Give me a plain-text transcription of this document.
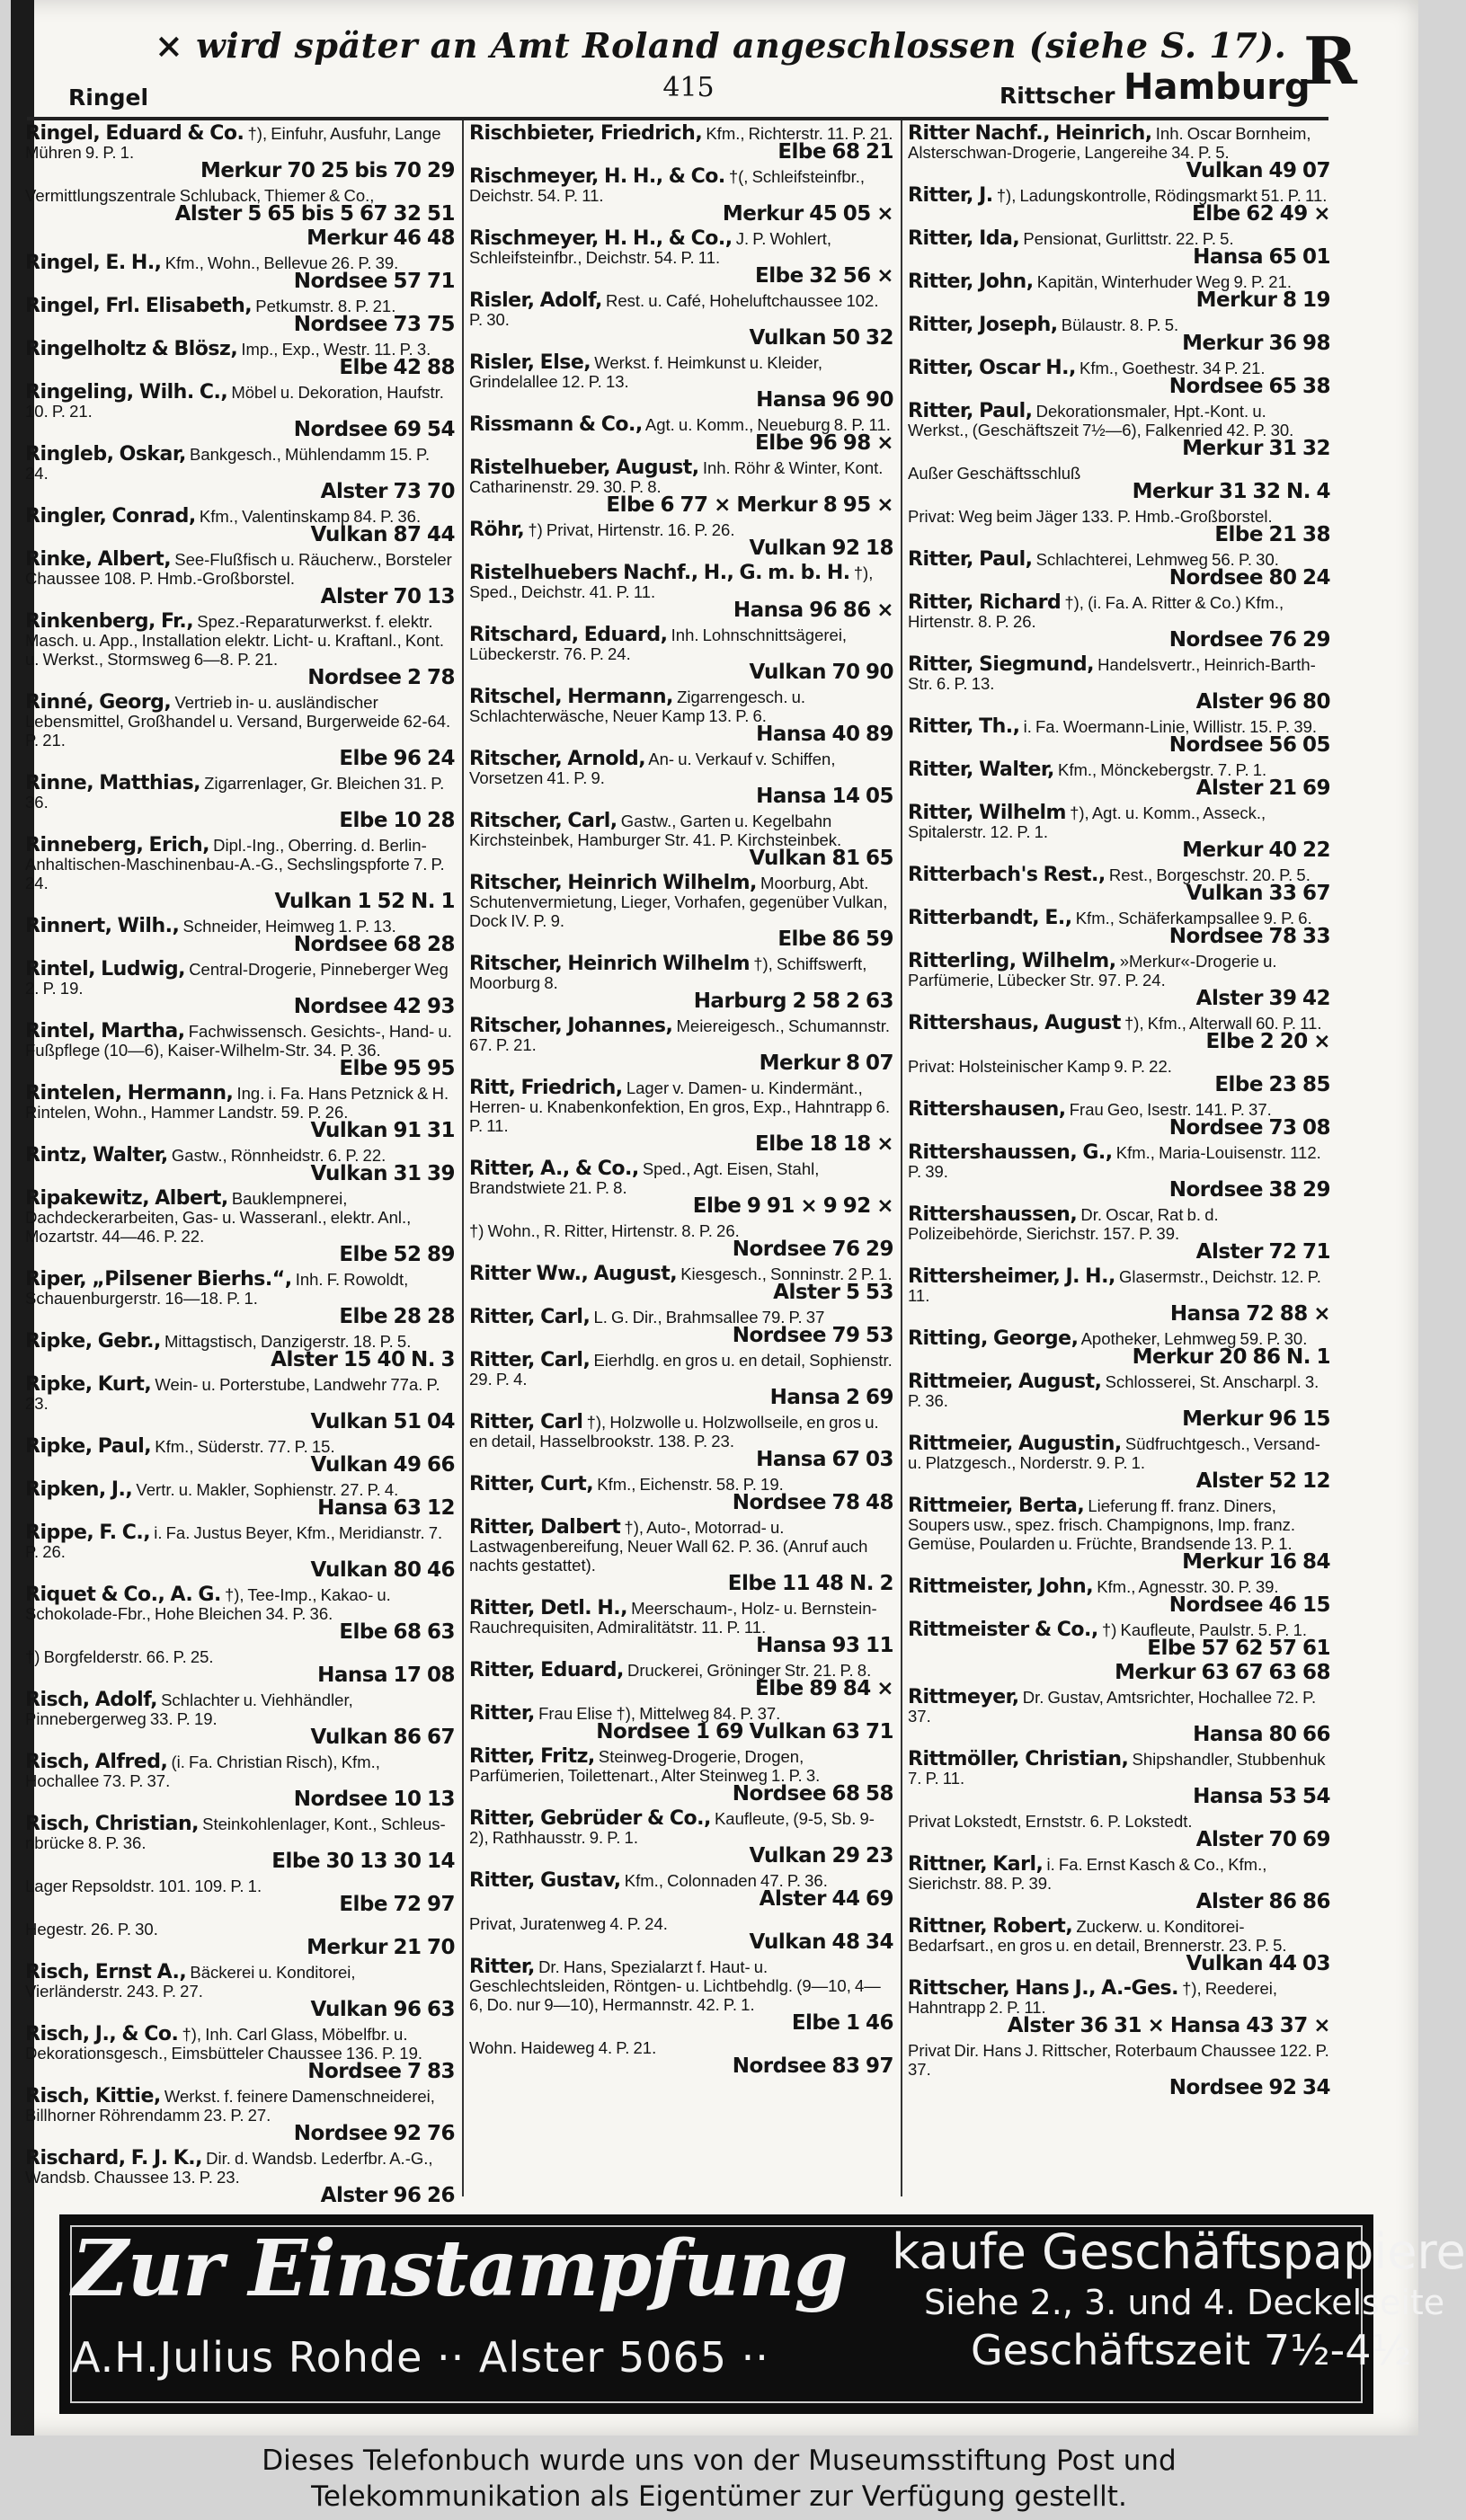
× wird später an Amt Roland angeschlossen (siehe S. 17).
Ringel	415	Rittscher Hamburg
R
Ringel, Eduard & Co. †), Einfuhr, Ausfuhr, Lange Mühren 9. P. 1.
Merkur 70 25 bis 70 29
Vermittlungszentrale Schluback, Thiemer & Co.,
Alster 5 65 bis 5 67 32 51
Merkur 46 48
Ringel, E. H., Kfm., Wohn., Bellevue 26. P. 39.
Nordsee 57 71
Ringel, Frl. Elisabeth, Petkumstr. 8. P. 21.
Nordsee 73 75
Ringelholtz & Blösz, Imp., Exp., Westr. 11. P. 3.
Elbe 42 88
Ringeling, Wilh. C., Möbel u. Dekoration, Haufstr. 10. P. 21.
Nordsee 69 54
Ringleb, Oskar, Bankgesch., Mühlendamm 15. P. 24.
Alster 73 70
Ringler, Conrad, Kfm., Valentinskamp 84. P. 36.
Vulkan 87 44
Rinke, Albert, See-Flußfisch u. Räucherw., Borsteler Chaussee 108. P. Hmb.-Großborstel.
Alster 70 13
Rinkenberg, Fr., Spez.-Reparaturwerkst. f. elektr. Masch. u. App., Installation elektr. Licht- u. Kraftanl., Kont. u. Werkst., Stormsweg 6—8. P. 21.
Nordsee 2 78
Rinné, Georg, Vertrieb in- u. ausländischer Lebensmittel, Großhandel u. Versand, Burgerweide 62-64. P. 21.
Elbe 96 24
Rinne, Matthias, Zigarrenlager, Gr. Bleichen 31. P. 36.
Elbe 10 28
Rinneberg, Erich, Dipl.-Ing., Oberring. d. Berlin-Anhaltischen-Maschinenbau-A.-G., Sechslingspforte 7. P. 24.
Vulkan 1 52 N. 1
Rinnert, Wilh., Schneider, Heimweg 1. P. 13.
Nordsee 68 28
Rintel, Ludwig, Central-Drogerie, Pinneberger Weg 2. P. 19.
Nordsee 42 93
Rintel, Martha, Fachwissensch. Gesichts-, Hand- u. Fußpflege (10—6), Kaiser-Wilhelm-Str. 34. P. 36.
Elbe 95 95
Rintelen, Hermann, Ing. i. Fa. Hans Petznick & H. Rintelen, Wohn., Hammer Landstr. 59. P. 26.
Vulkan 91 31
Rintz, Walter, Gastw., Rönnheidstr. 6. P. 22.
Vulkan 31 39
Ripakewitz, Albert, Bauklempnerei, Dachdeckerarbeiten, Gas- u. Wasseranl., elektr. Anl., Mozartstr. 44—46. P. 22.
Elbe 52 89
Riper, „Pilsener Bierhs.“, Inh. F. Rowoldt, Schauenburgerstr. 16—18. P. 1.
Elbe 28 28
Ripke, Gebr., Mittagstisch, Danzigerstr. 18. P. 5.
Alster 15 40 N. 3
Ripke, Kurt, Wein- u. Porterstube, Landwehr 77a. P. 23.
Vulkan 51 04
Ripke, Paul, Kfm., Süderstr. 77. P. 15.
Vulkan 49 66
Ripken, J., Vertr. u. Makler, Sophienstr. 27. P. 4.
Hansa 63 12
Rippe, F. C., i. Fa. Justus Beyer, Kfm., Meridianstr. 7. P. 26.
Vulkan 80 46
Riquet & Co., A. G. †), Tee-Imp., Kakao- u. Schokolade-Fbr., Hohe Bleichen 34. P. 36.
Elbe 68 63
†) Borgfelderstr. 66. P. 25.
Hansa 17 08
Risch, Adolf, Schlachter u. Viehhändler, Pinnebergerweg 33. P. 19.
Vulkan 86 67
Risch, Alfred, (i. Fa. Christian Risch), Kfm., Hochallee 73. P. 37.
Nordsee 10 13
Risch, Christian, Steinkohlenlager, Kont., Schleus-nbrücke 8. P. 36.
Elbe 30 13 30 14
Lager Repsoldstr. 101. 109. P. 1.
Elbe 72 97
Hegestr. 26. P. 30.
Merkur 21 70
Risch, Ernst A., Bäckerei u. Konditorei, Vierländerstr. 243. P. 27.
Vulkan 96 63
Risch, J., & Co. †), Inh. Carl Glass, Möbelfbr. u. Dekorationsgesch., Eimsbütteler Chaussee 136. P. 19.
Nordsee 7 83
Risch, Kittie, Werkst. f. feinere Damenschneiderei, Billhorner Röhrendamm 23. P. 27.
Nordsee 92 76
Rischard, F. J. K., Dir. d. Wandsb. Lederfbr. A.-G., Wandsb. Chaussee 13. P. 23.
Alster 96 26
Rischbieter, Friedrich, Kfm., Richterstr. 11. P. 21.
Elbe 68 21
Rischmeyer, H. H., & Co. †(, Schleifsteinfbr., Deichstr. 54. P. 11.
Merkur 45 05 ×
Rischmeyer, H. H., & Co., J. P. Wohlert, Schleifsteinfbr., Deichstr. 54. P. 11.
Elbe 32 56 ×
Risler, Adolf, Rest. u. Café, Hoheluftchaussee 102. P. 30.
Vulkan 50 32
Risler, Else, Werkst. f. Heimkunst u. Kleider, Grindelallee 12. P. 13.
Hansa 96 90
Rissmann & Co., Agt. u. Komm., Neueburg 8. P. 11.
Elbe 96 98 ×
Ristelhueber, August, Inh. Röhr & Winter, Kont. Catharinenstr. 29. 30. P. 8.
Elbe 6 77 × Merkur 8 95 ×
Röhr, †) Privat, Hirtenstr. 16. P. 26.
Vulkan 92 18
Ristelhuebers Nachf., H., G. m. b. H. †), Sped., Deichstr. 41. P. 11.
Hansa 96 86 ×
Ritschard, Eduard, Inh. Lohnschnittsägerei, Lübeckerstr. 76. P. 24.
Vulkan 70 90
Ritschel, Hermann, Zigarrengesch. u. Schlachterwäsche, Neuer Kamp 13. P. 6.
Hansa 40 89
Ritscher, Arnold, An- u. Verkauf v. Schiffen, Vorsetzen 41. P. 9.
Hansa 14 05
Ritscher, Carl, Gastw., Garten u. Kegelbahn Kirchsteinbek, Hamburger Str. 41. P. Kirchsteinbek.
Vulkan 81 65
Ritscher, Heinrich Wilhelm, Moorburg, Abt. Schutenvermietung, Lieger, Vorhafen, gegenüber Vulkan, Dock IV. P. 9.
Elbe 86 59
Ritscher, Heinrich Wilhelm †), Schiffswerft, Moorburg 8.
Harburg 2 58 2 63
Ritscher, Johannes, Meiereigesch., Schumannstr. 67. P. 21.
Merkur 8 07
Ritt, Friedrich, Lager v. Damen- u. Kindermänt., Herren- u. Knabenkonfektion, En gros, Exp., Hahntrapp 6. P. 11.
Elbe 18 18 ×
Ritter, A., & Co., Sped., Agt. Eisen, Stahl, Brandstwiete 21. P. 8.
Elbe 9 91 × 9 92 ×
†) Wohn., R. Ritter, Hirtenstr. 8. P. 26.
Nordsee 76 29
Ritter Ww., August, Kiesgesch., Sonninstr. 2 P. 1.
Alster 5 53
Ritter, Carl, L. G. Dir., Brahmsallee 79. P. 37
Nordsee 79 53
Ritter, Carl, Eierhdlg. en gros u. en detail, Sophienstr. 29. P. 4.
Hansa 2 69
Ritter, Carl †), Holzwolle u. Holzwollseile, en gros u. en detail, Hasselbrookstr. 138. P. 23.
Hansa 67 03
Ritter, Curt, Kfm., Eichenstr. 58. P. 19.
Nordsee 78 48
Ritter, Dalbert †), Auto-, Motorrad- u. Lastwagenbereifung, Neuer Wall 62. P. 36. (Anruf auch nachts gestattet).
Elbe 11 48 N. 2
Ritter, Detl. H., Meerschaum-, Holz- u. Bernstein-Rauchrequisiten, Admiralitätstr. 11. P. 11.
Hansa 93 11
Ritter, Eduard, Druckerei, Gröninger Str. 21. P. 8.
Elbe 89 84 ×
Ritter, Frau Elise †), Mittelweg 84. P. 37.
Nordsee 1 69 Vulkan 63 71
Ritter, Fritz, Steinweg-Drogerie, Drogen, Parfümerien, Toilettenart., Alter Steinweg 1. P. 3.
Nordsee 68 58
Ritter, Gebrüder & Co., Kaufleute, (9-5, Sb. 9-2), Rathhausstr. 9. P. 1.
Vulkan 29 23
Ritter, Gustav, Kfm., Colonnaden 47. P. 36.
Alster 44 69
Privat, Juratenweg 4. P. 24.
Vulkan 48 34
Ritter, Dr. Hans, Spezialarzt f. Haut- u. Geschlechtsleiden, Röntgen- u. Lichtbehdlg. (9—10, 4—6, Do. nur 9—10), Hermannstr. 42. P. 1.
Elbe 1 46
Wohn. Haideweg 4. P. 21.
Nordsee 83 97
Ritter Nachf., Heinrich, Inh. Oscar Bornheim, Alsterschwan-Drogerie, Langereihe 34. P. 5.
Vulkan 49 07
Ritter, J. †), Ladungskontrolle, Rödingsmarkt 51. P. 11.
Elbe 62 49 ×
Ritter, Ida, Pensionat, Gurlittstr. 22. P. 5.
Hansa 65 01
Ritter, John, Kapitän, Winterhuder Weg 9. P. 21.
Merkur 8 19
Ritter, Joseph, Bülaustr. 8. P. 5.
Merkur 36 98
Ritter, Oscar H., Kfm., Goethestr. 34 P. 21.
Nordsee 65 38
Ritter, Paul, Dekorationsmaler, Hpt.-Kont. u. Werkst., (Geschäftszeit 7½—6), Falkenried 42. P. 30.
Merkur 31 32
Außer Geschäftsschluß
Merkur 31 32 N. 4
Privat: Weg beim Jäger 133. P. Hmb.-Großborstel.
Elbe 21 38
Ritter, Paul, Schlachterei, Lehmweg 56. P. 30.
Nordsee 80 24
Ritter, Richard †), (i. Fa. A. Ritter & Co.) Kfm., Hirtenstr. 8. P. 26.
Nordsee 76 29
Ritter, Siegmund, Handelsvertr., Heinrich-Barth-Str. 6. P. 13.
Alster 96 80
Ritter, Th., i. Fa. Woermann-Linie, Willistr. 15. P. 39.
Nordsee 56 05
Ritter, Walter, Kfm., Mönckebergstr. 7. P. 1.
Alster 21 69
Ritter, Wilhelm †), Agt. u. Komm., Asseck., Spitalerstr. 12. P. 1.
Merkur 40 22
Ritterbach's Rest., Rest., Borgeschstr. 20. P. 5.
Vulkan 33 67
Ritterbandt, E., Kfm., Schäferkampsallee 9. P. 6.
Nordsee 78 33
Ritterling, Wilhelm, »Merkur«-Drogerie u. Parfümerie, Lübecker Str. 97. P. 24.
Alster 39 42
Rittershaus, August †), Kfm., Alterwall 60. P. 11.
Elbe 2 20 ×
Privat: Holsteinischer Kamp 9. P. 22.
Elbe 23 85
Rittershausen, Frau Geo, Isestr. 141. P. 37.
Nordsee 73 08
Rittershaussen, G., Kfm., Maria-Louisenstr. 112. P. 39.
Nordsee 38 29
Rittershaussen, Dr. Oscar, Rat b. d. Polizeibehörde, Sierichstr. 157. P. 39.
Alster 72 71
Rittersheimer, J. H., Glasermstr., Deichstr. 12. P. 11.
Hansa 72 88 ×
Ritting, George, Apotheker, Lehmweg 59. P. 30.
Merkur 20 86 N. 1
Rittmeier, August, Schlosserei, St. Anscharpl. 3. P. 36.
Merkur 96 15
Rittmeier, Augustin, Südfruchtgesch., Versand- u. Platzgesch., Norderstr. 9. P. 1.
Alster 52 12
Rittmeier, Berta, Lieferung ff. franz. Diners, Soupers usw., spez. frisch. Champignons, Imp. franz. Gemüse, Poularden u. Früchte, Brandsende 13. P. 1.
Merkur 16 84
Rittmeister, John, Kfm., Agnesstr. 30. P. 39.
Nordsee 46 15
Rittmeister & Co., †) Kaufleute, Paulstr. 5. P. 1.
Elbe 57 62 57 61
Merkur 63 67 63 68
Rittmeyer, Dr. Gustav, Amtsrichter, Hochallee 72. P. 37.
Hansa 80 66
Rittmöller, Christian, Shipshandler, Stubbenhuk 7. P. 11.
Hansa 53 54
Privat Lokstedt, Ernststr. 6. P. Lokstedt.
Alster 70 69
Rittner, Karl, i. Fa. Ernst Kasch & Co., Kfm., Sierichstr. 88. P. 39.
Alster 86 86
Rittner, Robert, Zuckerw. u. Konditorei-Bedarfsart., en gros u. en detail, Brennerstr. 23. P. 5.
Vulkan 44 03
Rittscher, Hans J., A.-Ges. †), Reederei, Hahntrapp 2. P. 11.
Alster 36 31 × Hansa 43 37 ×
Privat Dir. Hans J. Rittscher, Roterbaum Chaussee 122. P. 37.
Nordsee 92 34
Zur Einstampfung
A.H.Julius Rohde ·· Alster 5065 ··
kaufe Geschäftspapiere
Siehe 2., 3. und 4. Deckelseite
Geschäftszeit 7½-4½
Dieses Telefonbuch wurde uns von der Museumsstiftung Post und
Telekommunikation als Eigentümer zur Verfügung gestellt.
